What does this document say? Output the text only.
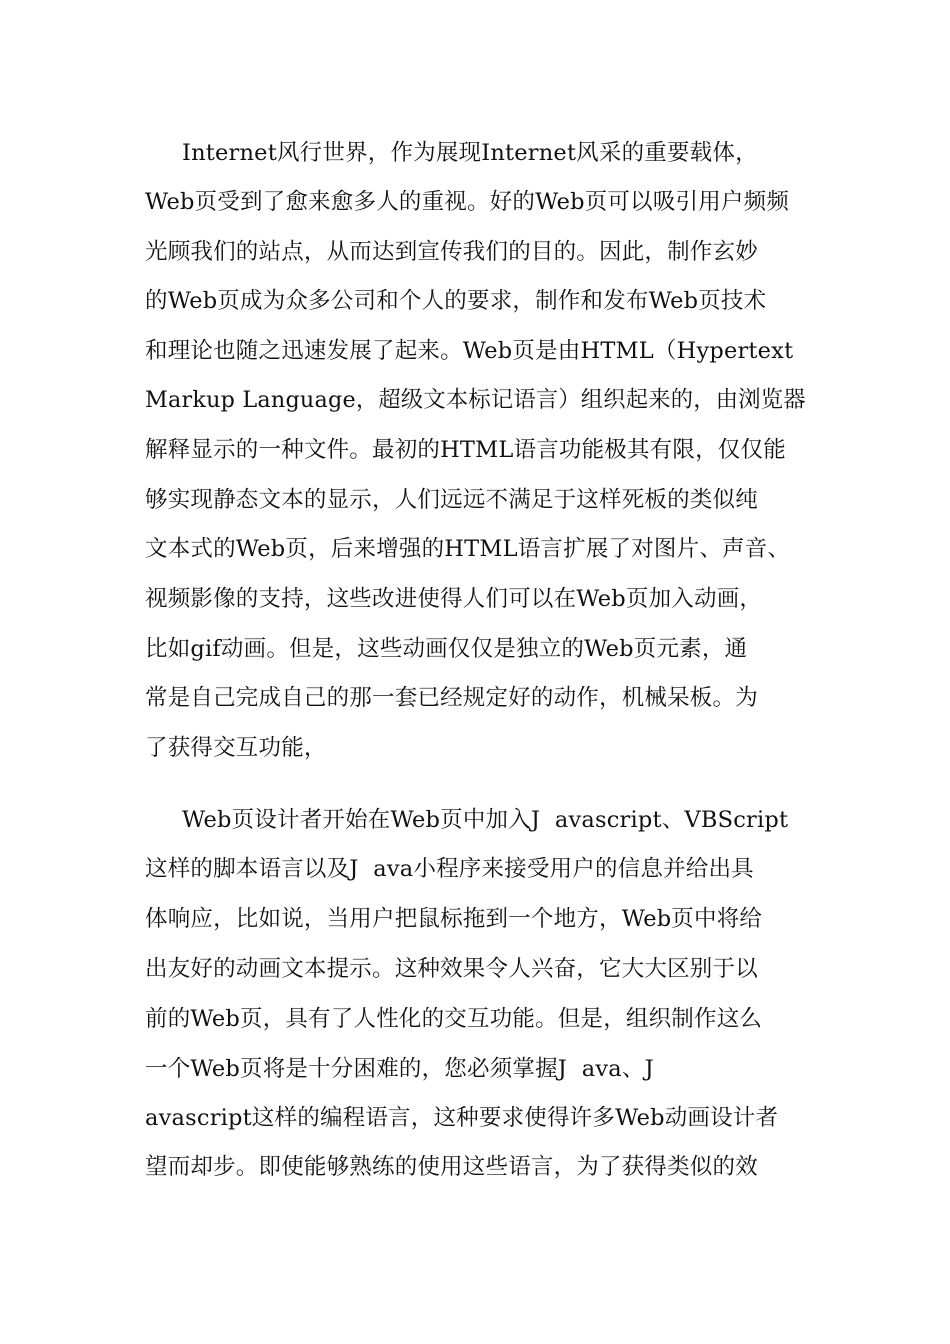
Internet风行世界，作为展现Internet风采的重要载体，
Web页受到了愈来愈多人的重视。好的Web页可以吸引用户频频
光顾我们的站点，从而达到宣传我们的目的。因此，制作玄妙
的Web页成为众多公司和个人的要求，制作和发布Web页技术
和理论也随之迅速发展了起来。Web页是由HTML（Hypertext
Markup Language，超级文本标记语言）组织起来的，由浏览器
解释显示的一种文件。最初的HTML语言功能极其有限，仅仅能
够实现静态文本的显示，人们远远不满足于这样死板的类似纯
文本式的Web页，后来增强的HTML语言扩展了对图片、声音、
视频影像的支持，这些改进使得人们可以在Web页加入动画，
比如gif动画。但是，这些动画仅仅是独立的Web页元素，通
常是自己完成自己的那一套已经规定好的动作，机械呆板。为
了获得交互功能，
Web页设计者开始在Web页中加入J  avascript、VBScript
这样的脚本语言以及J  ava小程序来接受用户的信息并给出具
体响应，比如说，当用户把鼠标拖到一个地方，Web页中将给
出友好的动画文本提示。这种效果令人兴奋，它大大区别于以
前的Web页，具有了人性化的交互功能。但是，组织制作这么
一个Web页将是十分困难的，您必须掌握J  ava、J
avascript这样的编程语言，这种要求使得许多Web动画设计者
望而却步。即使能够熟练的使用这些语言，为了获得类似的效
